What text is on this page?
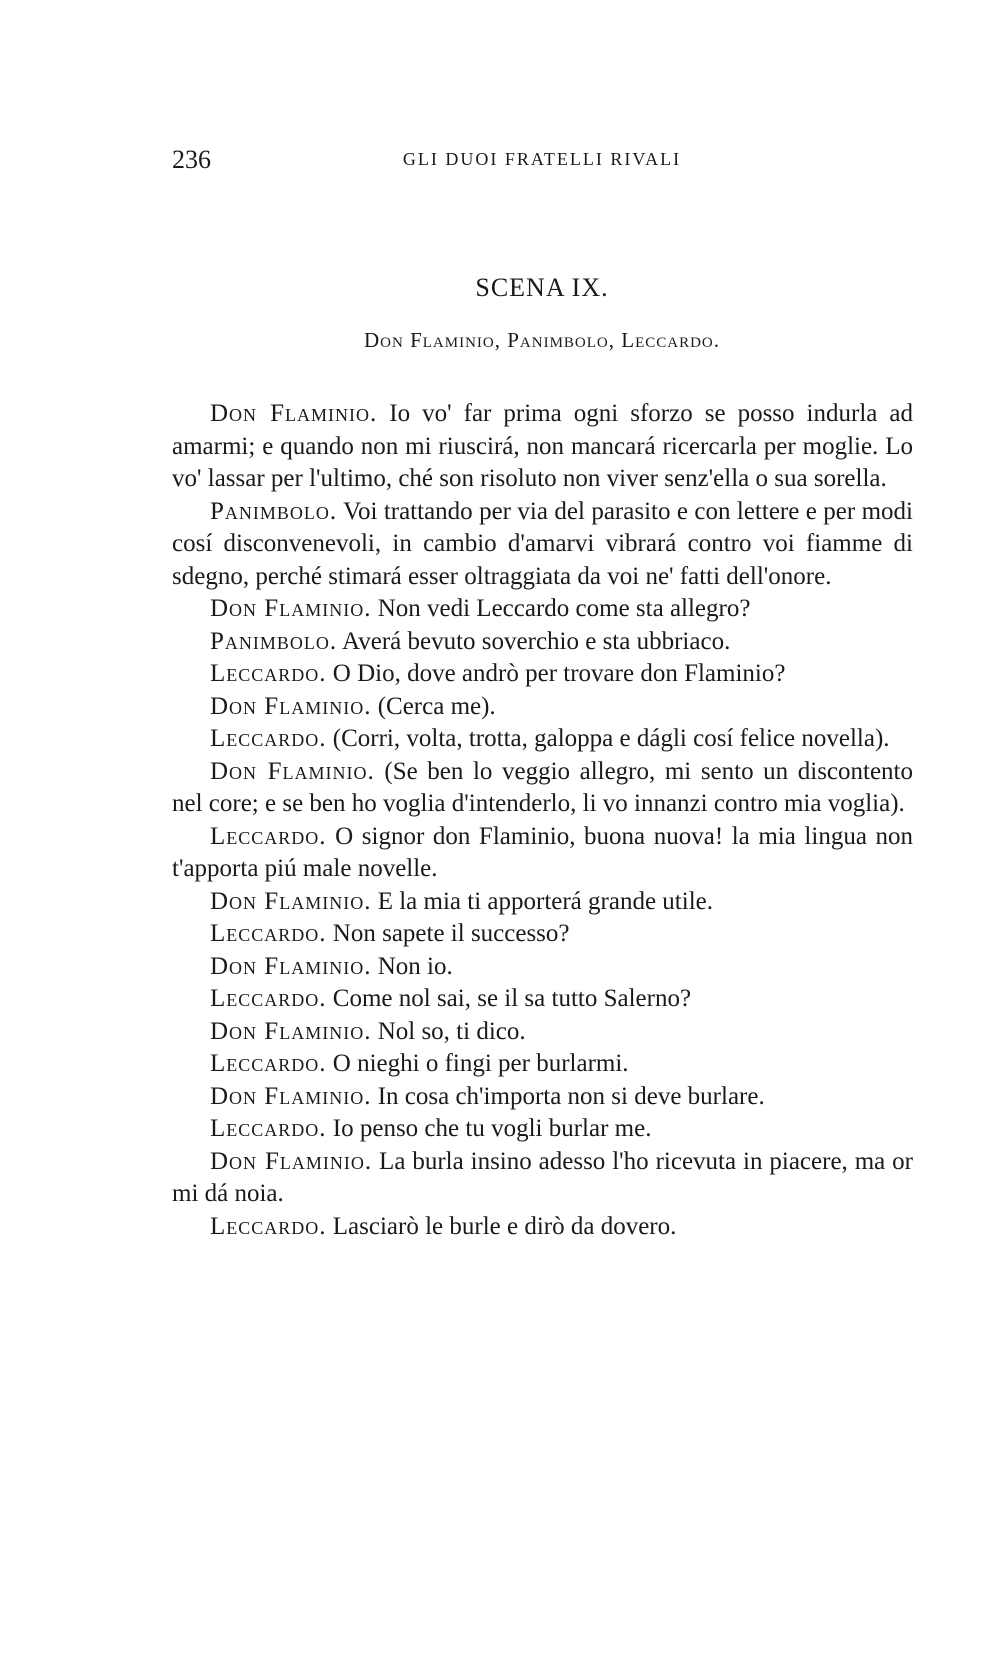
236	GLI DUOI FRATELLI RIVALI
SCENA IX.
Don Flaminio, Panimbolo, Leccardo.

Don Flaminio. Io vo' far prima ogni sforzo se posso indurla ad amarmi; e quando non mi riuscirá, non mancará ricercarla per moglie. Lo vo' lassar per l'ultimo, ché son risoluto non viver senz'ella o sua sorella.

Panimbolo. Voi trattando per via del parasito e con lettere e per modi cosí disconvenevoli, in cambio d'amarvi vibrará contro voi fiamme di sdegno, perché stimará esser oltraggiata da voi ne' fatti dell'onore.

Don Flaminio. Non vedi Leccardo come sta allegro?

Panimbolo. Averá bevuto soverchio e sta ubbriaco.

Leccardo. O Dio, dove andrò per trovare don Flaminio?

Don Flaminio. (Cerca me).

Leccardo. (Corri, volta, trotta, galoppa e dágli cosí felice novella).

Don Flaminio. (Se ben lo veggio allegro, mi sento un discontento nel core; e se ben ho voglia d'intenderlo, li vo innanzi contro mia voglia).

Leccardo. O signor don Flaminio, buona nuova! la mia lingua non t'apporta piú male novelle.

Don Flaminio. E la mia ti apporterá grande utile.

Leccardo. Non sapete il successo?

Don Flaminio. Non io.

Leccardo. Come nol sai, se il sa tutto Salerno?

Don Flaminio. Nol so, ti dico.

Leccardo. O nieghi o fingi per burlarmi.

Don Flaminio. In cosa ch'importa non si deve burlare.

Leccardo. Io penso che tu vogli burlar me.

Don Flaminio. La burla insino adesso l'ho ricevuta in piacere, ma or mi dá noia.

Leccardo. Lasciarò le burle e dirò da dovero.
